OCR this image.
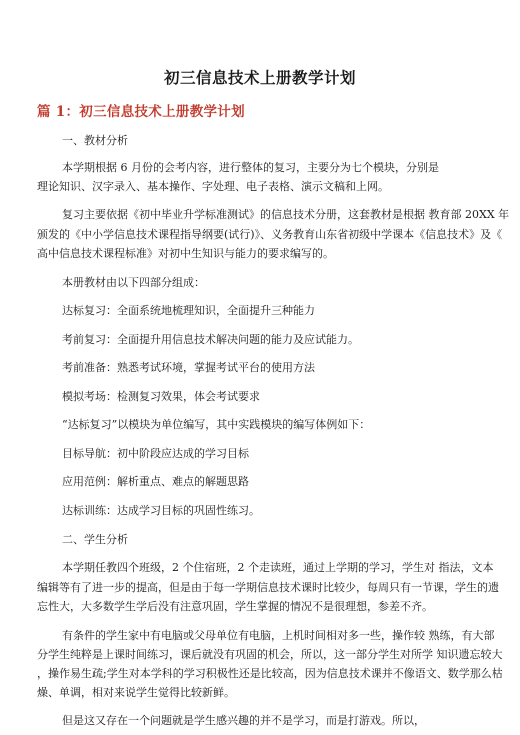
初三信息技术上册教学计划
篇 1：初三信息技术上册教学计划
一、教材分析
本学期根据 6 月份的会考内容，进行整体的复习，主要分为七个模块，分别是
理论知识、汉字录入、基本操作、字处理、电子表格、演示文稿和上网。
复习主要依据《初中毕业升学标准测试》的信息技术分册，这套教材是根据 教育部 20XX 年
颁发的《中小学信息技术课程指导纲要(试行)》、义务教育山东省初级中学课本《信息技术》及《
高中信息技术课程标准》对初中生知识与能力的要求编写的。
本册教材由以下四部分组成：
达标复习：全面系统地梳理知识，全面提升三种能力
考前复习：全面提升用信息技术解决问题的能力及应试能力。
考前准备：熟悉考试环境，掌握考试平台的使用方法
模拟考场：检测复习效果，体会考试要求
“达标复习”以模块为单位编写，其中实践模块的编写体例如下：
目标导航：初中阶段应达成的学习目标
应用范例：解析重点、难点的解题思路
达标训练：达成学习目标的巩固性练习。
二、学生分析
本学期任教四个班级，2 个住宿班，2 个走读班，通过上学期的学习，学生对 指法，文本
编辑等有了进一步的提高，但是由于每一学期信息技术课时比较少，每周只有一节课，学生的遗
忘性大，大多数学生学后没有注意巩固，学生掌握的情况不是很理想，参差不齐。
有条件的学生家中有电脑或父母单位有电脑，上机时间相对多一些，操作较 熟练，有大部
分学生纯粹是上课时间练习，课后就没有巩固的机会，所以，这一部分学生对所学 知识遗忘较大
，操作易生疏;学生对本学科的学习积极性还是比较高，因为信息技术课并不像语文、数学那么枯
燥、单调，相对来说学生觉得比较新鲜。
但是这又存在一个问题就是学生感兴趣的并不是学习，而是打游戏。所以，
